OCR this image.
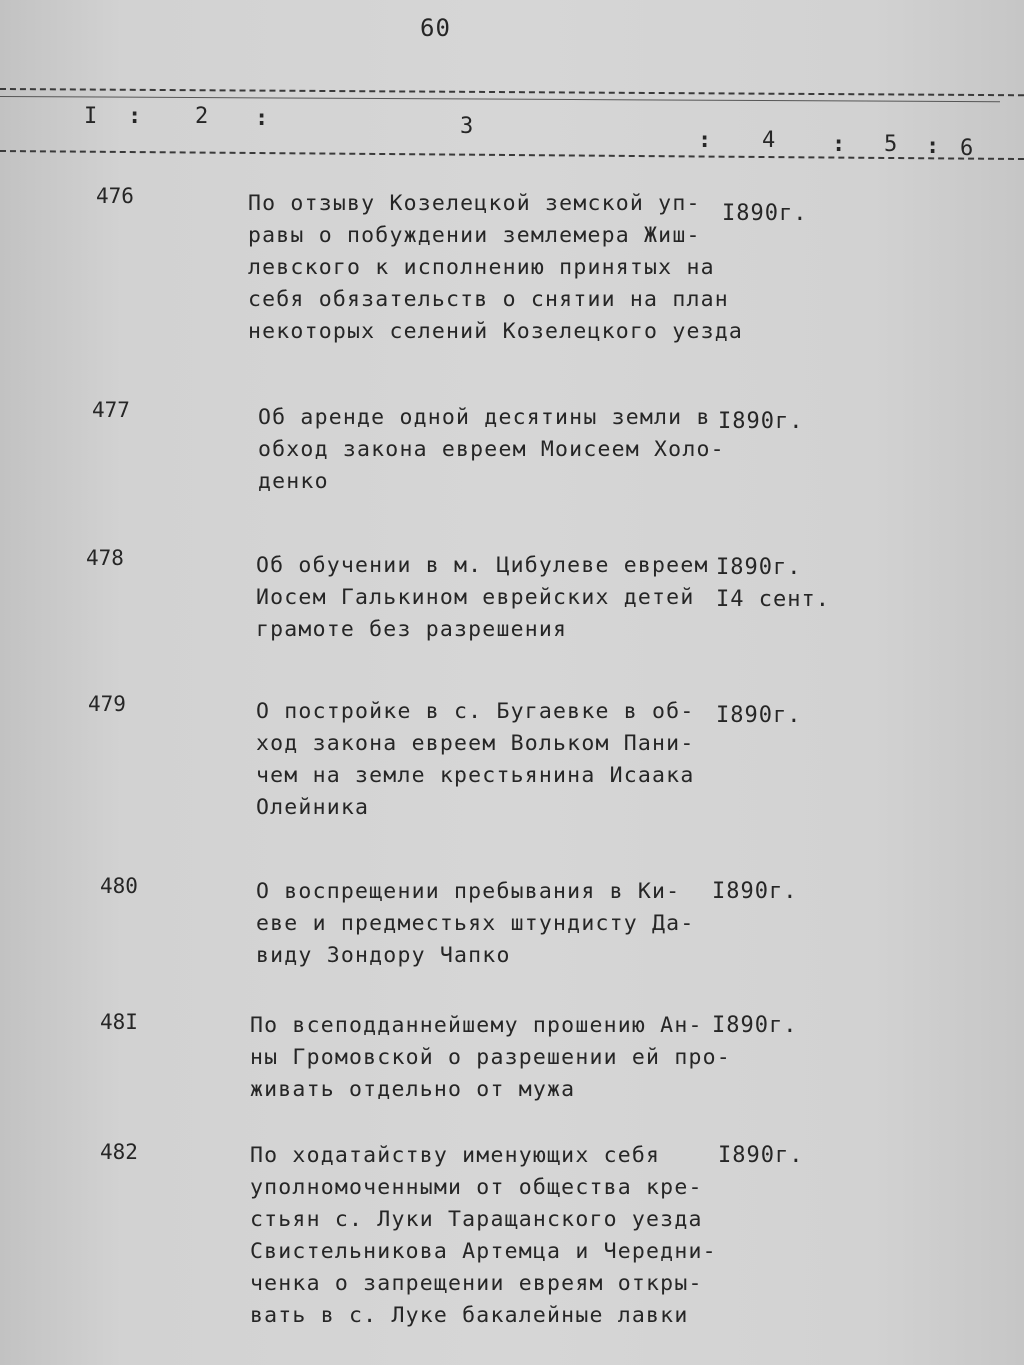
60
I : 2 :	3
: 4	: 5 : 6
476	По отзыву Козелецкой земской уп-
равы о побуждении землемера Жиш-
левского к исполнению принятых на
себя обязательств о снятии на план
некоторых селений Козелецкого уезда
I890г.
477	Об аренде одной десятины земли в
обход закона евреем Моисеем Холо-
денко
I890г.
478	Об обучении в м. Цибулеве евреем
Иосем Галькином еврейских детей
грамоте без разрешения
I890г.
I4 сент.
479	О постройке в с. Бугаевке в об-
ход закона евреем Вольком Пани-
чем на земле крестьянина Исаака
Олейника
I890г.
480	О воспрещении пребывания в Ки-
еве и предместьях штундисту Да-
виду Зондору Чапко
I890г.
48I	По всеподданнейшему прошению Ан-
ны Громовской о разрешении ей про-
живать отдельно от мужа
I890г.
482	По ходатайству именующих себя
уполномоченными от общества кре-
стьян с. Луки Таращанского уезда
Свистельникова Артемца и Чередни-
ченка о запрещении евреям откры-
вать в с. Луке бакалейные лавки
I890г.
